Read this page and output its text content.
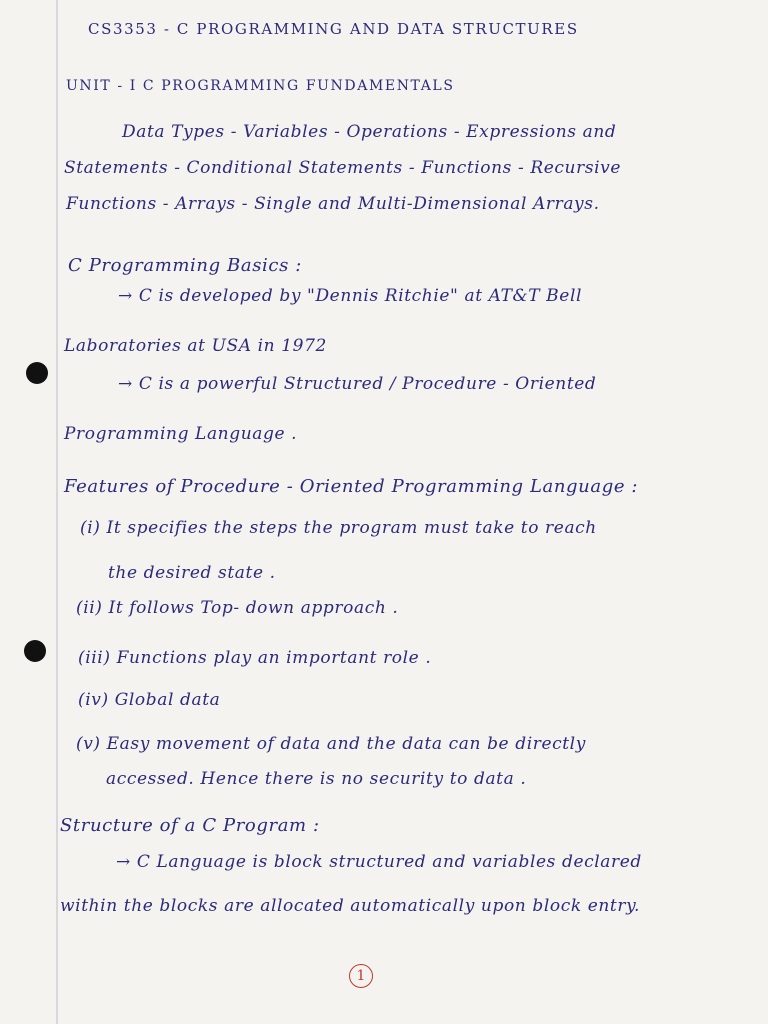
CS3353 - C PROGRAMMING AND DATA STRUCTURES
UNIT - I C PROGRAMMING FUNDAMENTALS
Data Types - Variables - Operations - Expressions and
Statements - Conditional Statements - Functions - Recursive
Functions - Arrays - Single and Multi-Dimensional Arrays.
C Programming Basics :
→ C is developed by "Dennis Ritchie" at AT&T Bell
Laboratories at USA in 1972
→ C is a powerful Structured / Procedure - Oriented
Programming Language .
Features of Procedure - Oriented Programming Language :
(i) It specifies the steps the program must take to reach
the desired state .
(ii) It follows Top- down approach .
(iii) Functions play an important role .
(iv) Global data
(v) Easy movement of data and the data can be directly
accessed. Hence there is no security to data .
Structure of a C Program :
→ C Language is block structured and variables declared
within the blocks are allocated automatically upon block entry.
1
